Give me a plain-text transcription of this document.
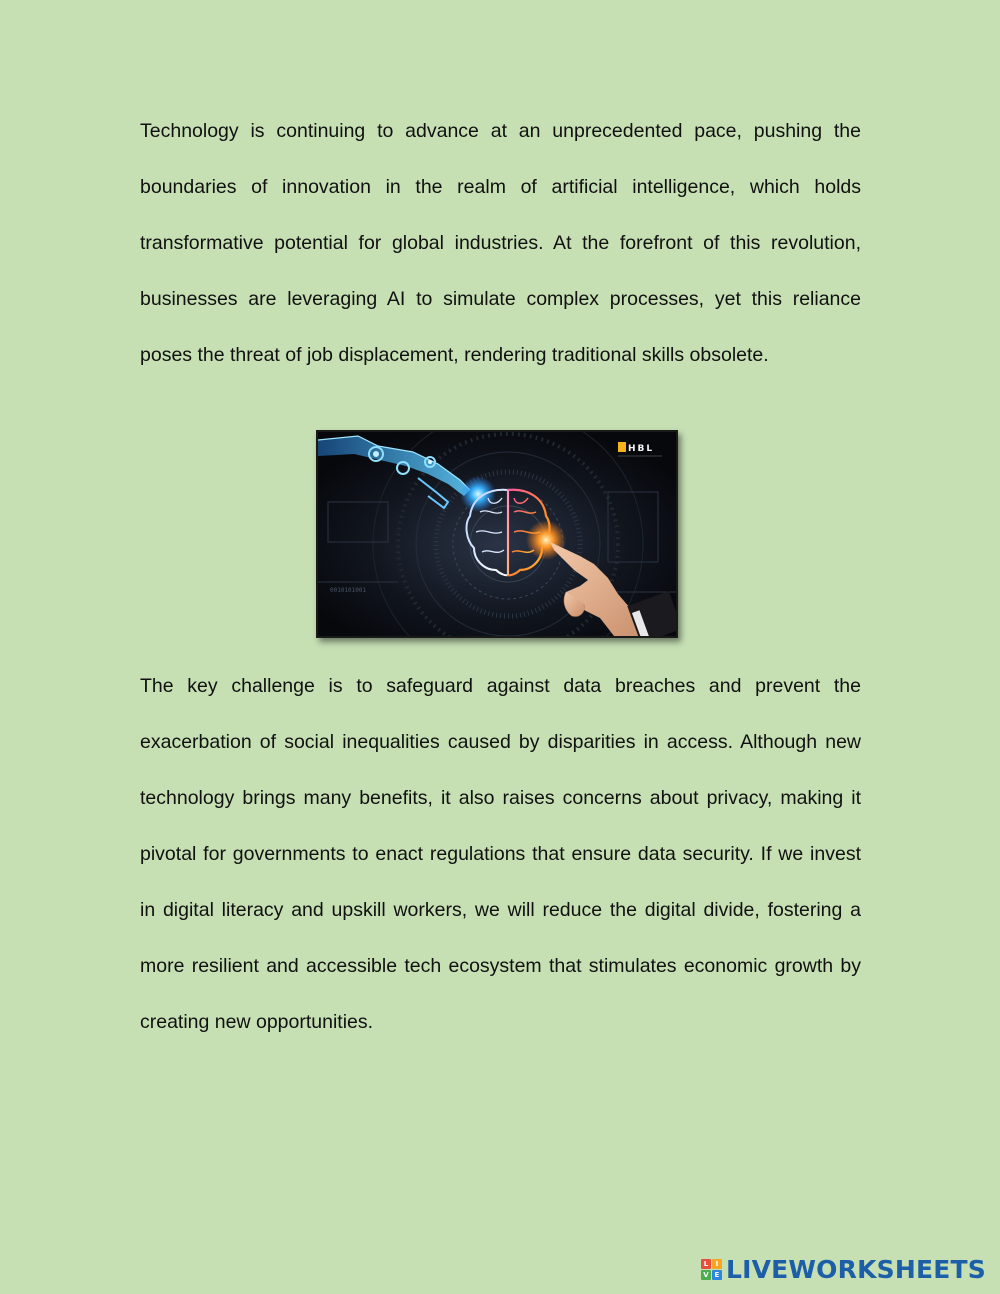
Technology is continuing to advance at an unprecedented pace, pushing the boundaries of innovation in the realm of artificial intelligence, which holds transformative potential for global industries. At the forefront of this revolution, businesses are leveraging AI to simulate complex processes, yet this reliance poses the threat of job displacement, rendering traditional skills obsolete.

0010101001
HBL

The key challenge is to safeguard against data breaches and prevent the exacerbation of social inequalities caused by disparities in access. Although new technology brings many benefits, it also raises concerns about privacy, making it pivotal for governments to enact regulations that ensure data security. If we invest in digital literacy and upskill workers, we will reduce the digital divide, fostering a more resilient and accessible tech ecosystem that stimulates economic growth by creating new opportunities.

L	I
V E LIVEWORKSHEETS
